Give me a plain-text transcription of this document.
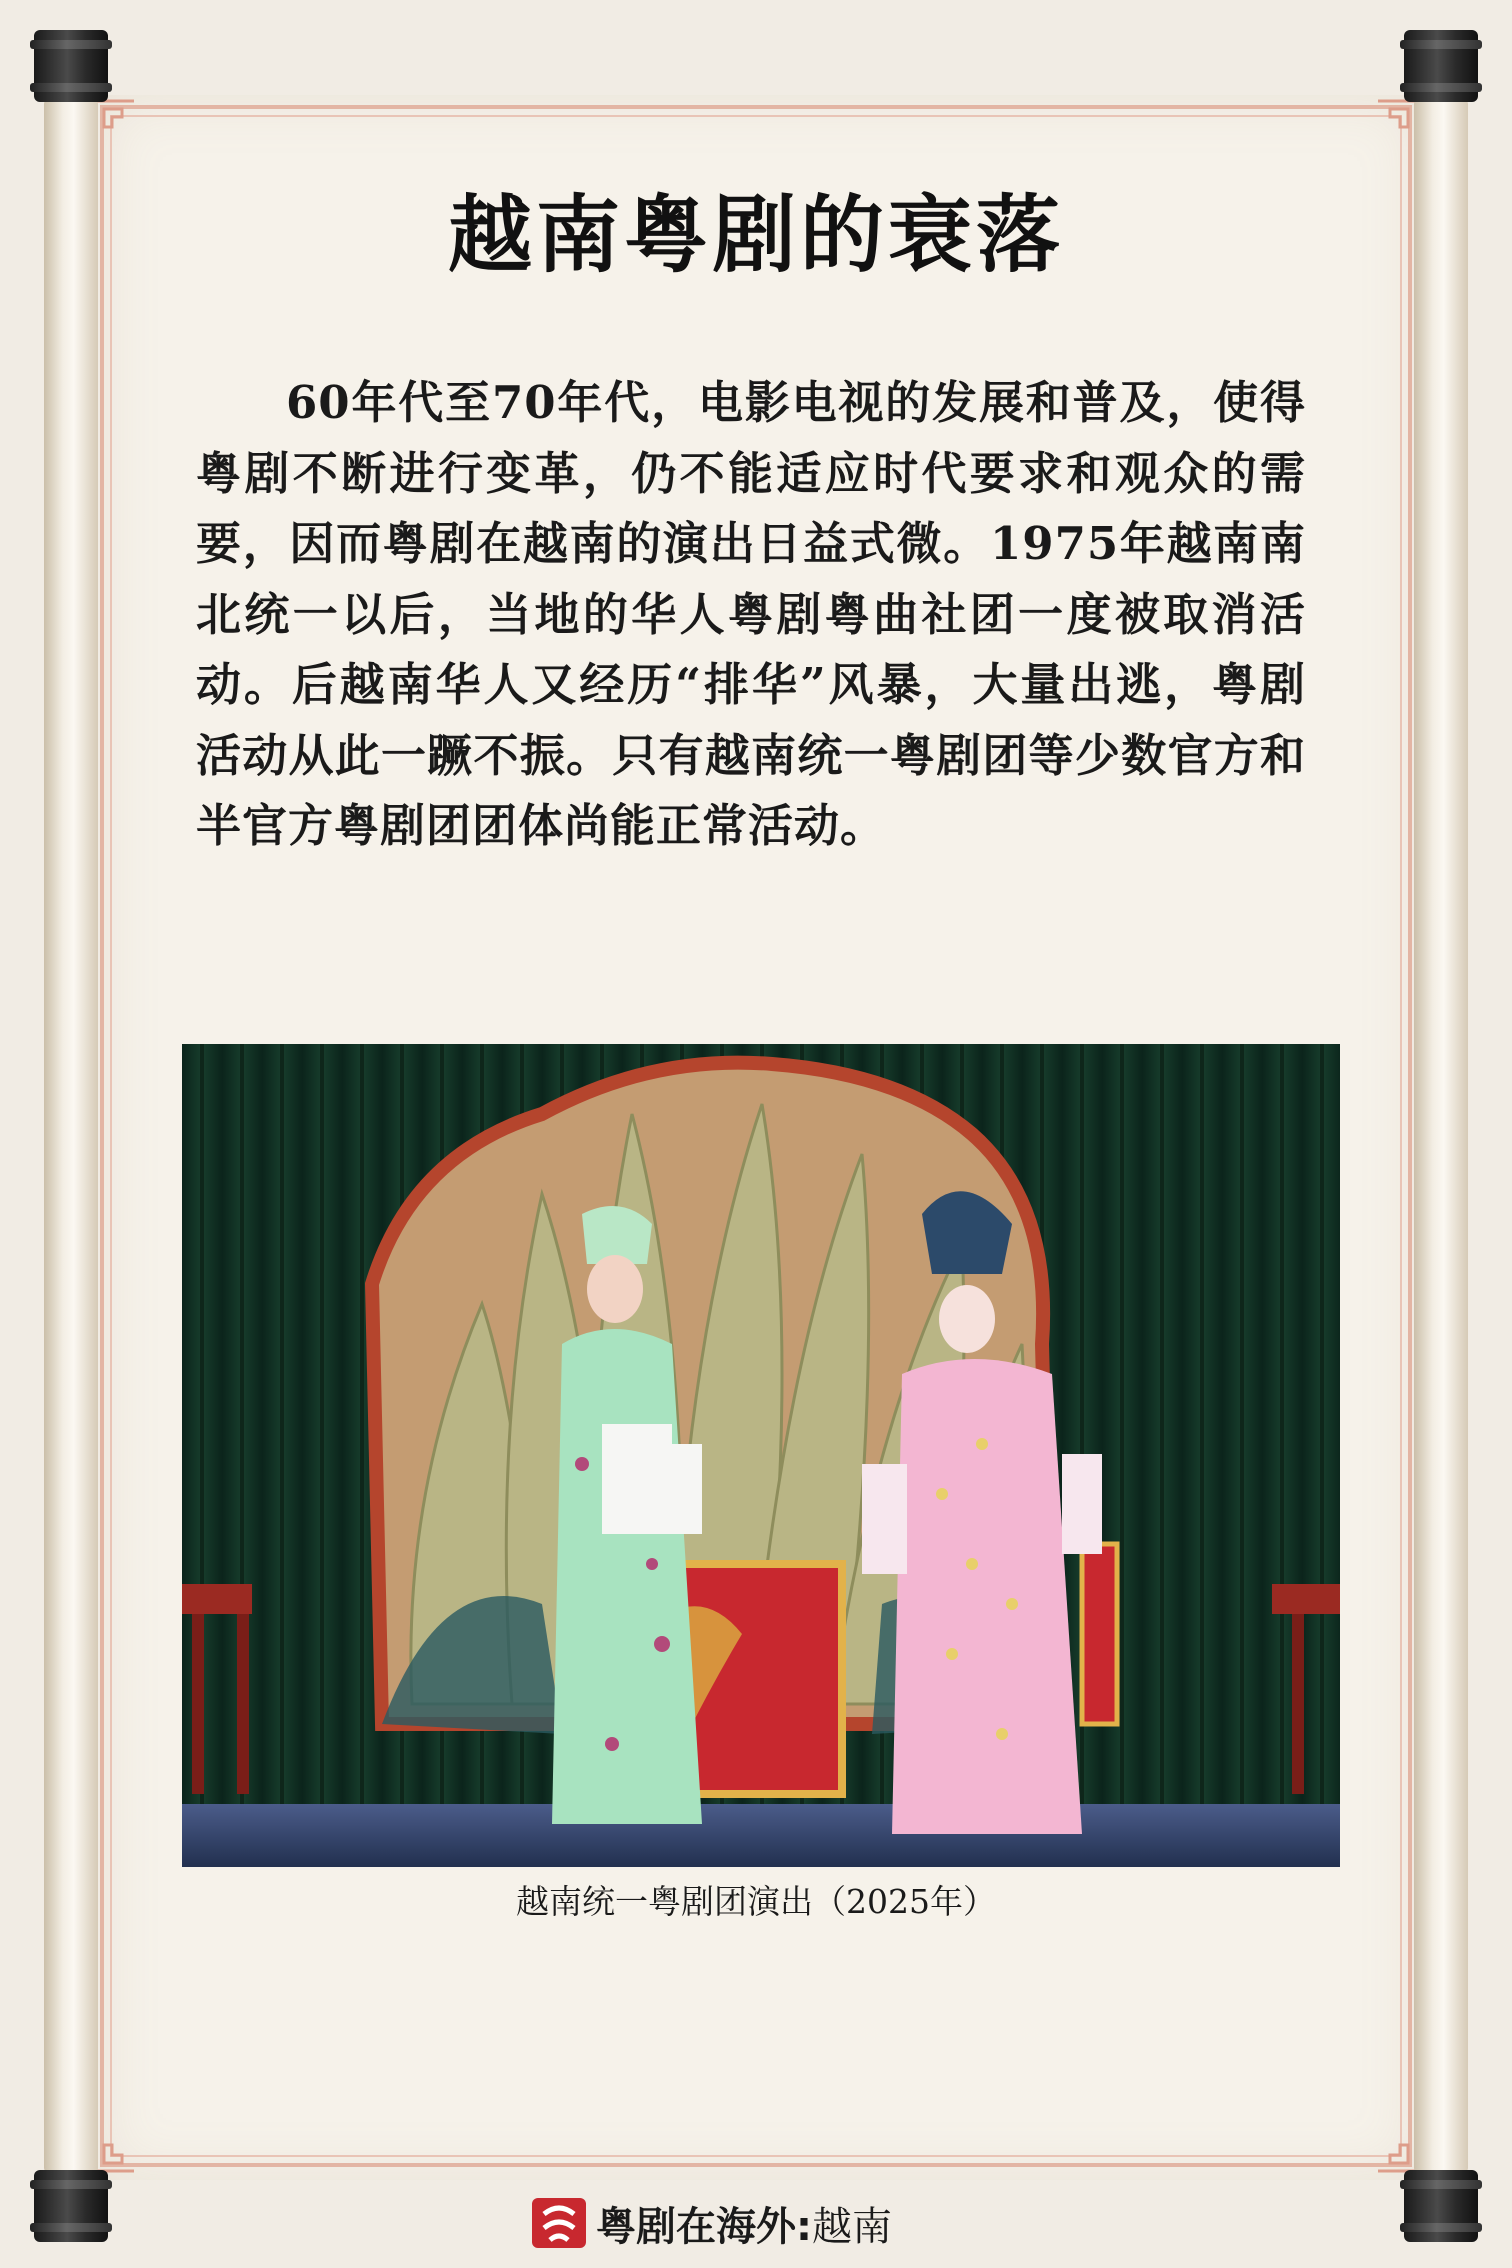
越南粤剧的衰落

60年代至70年代，电影电视的发展和普及，使得粤剧不断进行变革，仍不能适应时代要求和观众的需要，因而粤剧在越南的演出日益式微。1975年越南南北统一以后，当地的华人粤剧粤曲社团一度被取消活动。后越南华人又经历“排华”风暴，大量出逃，粤剧活动从此一蹶不振。只有越南统一粤剧团等少数官方和半官方粤剧团团体尚能正常活动。

越南统一粤剧团演出（2025年）

粤剧在海外: 越南
